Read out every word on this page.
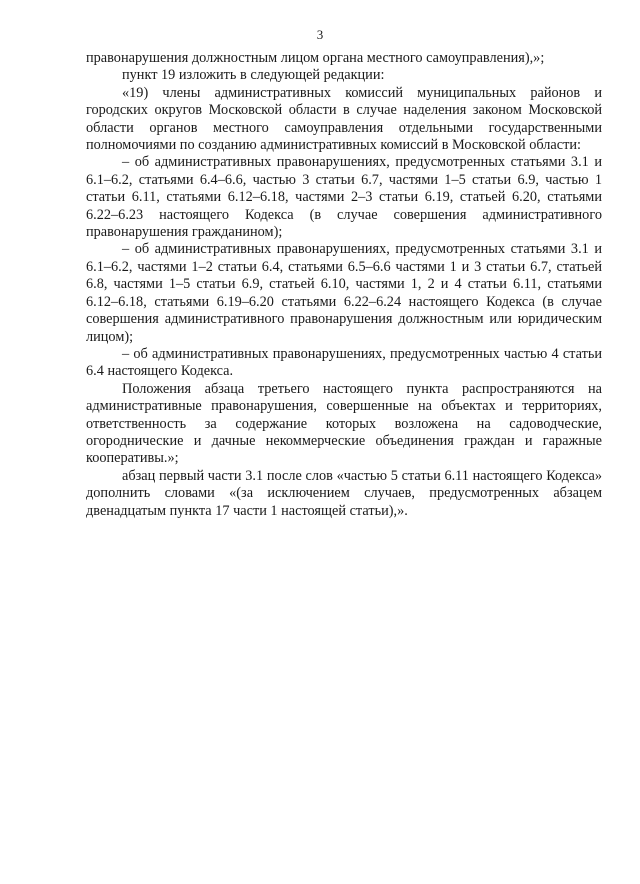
3

правонарушения должностным лицом органа местного самоуправления),»;

пункт 19 изложить в следующей редакции:

«19) члены административных комиссий муниципальных районов и городских округов Московской области в случае наделения законом Московской области органов местного самоуправления отдельными государственными полномочиями по созданию административных комиссий в Московской области:

– об административных правонарушениях, предусмотренных статьями 3.1 и 6.1–6.2, статьями 6.4–6.6, частью 3 статьи 6.7, частями 1–5 статьи 6.9, частью 1 статьи 6.11, статьями 6.12–6.18, частями 2–3 статьи 6.19, статьей 6.20, статьями 6.22–6.23 настоящего Кодекса (в случае совершения административного правонарушения гражданином);

– об административных правонарушениях, предусмотренных статьями 3.1 и 6.1–6.2, частями 1–2 статьи 6.4, статьями 6.5–6.6 частями 1 и 3 статьи 6.7, статьей 6.8, частями 1–5 статьи 6.9, статьей 6.10, частями 1, 2 и 4 статьи 6.11, статьями 6.12–6.18, статьями 6.19–6.20 статьями 6.22–6.24 настоящего Кодекса (в случае совершения административного правонарушения должностным или юридическим лицом);

– об административных правонарушениях, предусмотренных частью 4 статьи 6.4 настоящего Кодекса.

Положения абзаца третьего настоящего пункта распространяются на административные правонарушения, совершенные на объектах и территориях, ответственность за содержание которых возложена на садоводческие, огороднические и дачные некоммерческие объединения граждан и гаражные кооперативы.»;

абзац первый части 3.1 после слов «частью 5 статьи 6.11 настоящего Кодекса» дополнить словами «(за исключением случаев, предусмотренных абзацем двенадцатым пункта 17 части 1 настоящей статьи),».
